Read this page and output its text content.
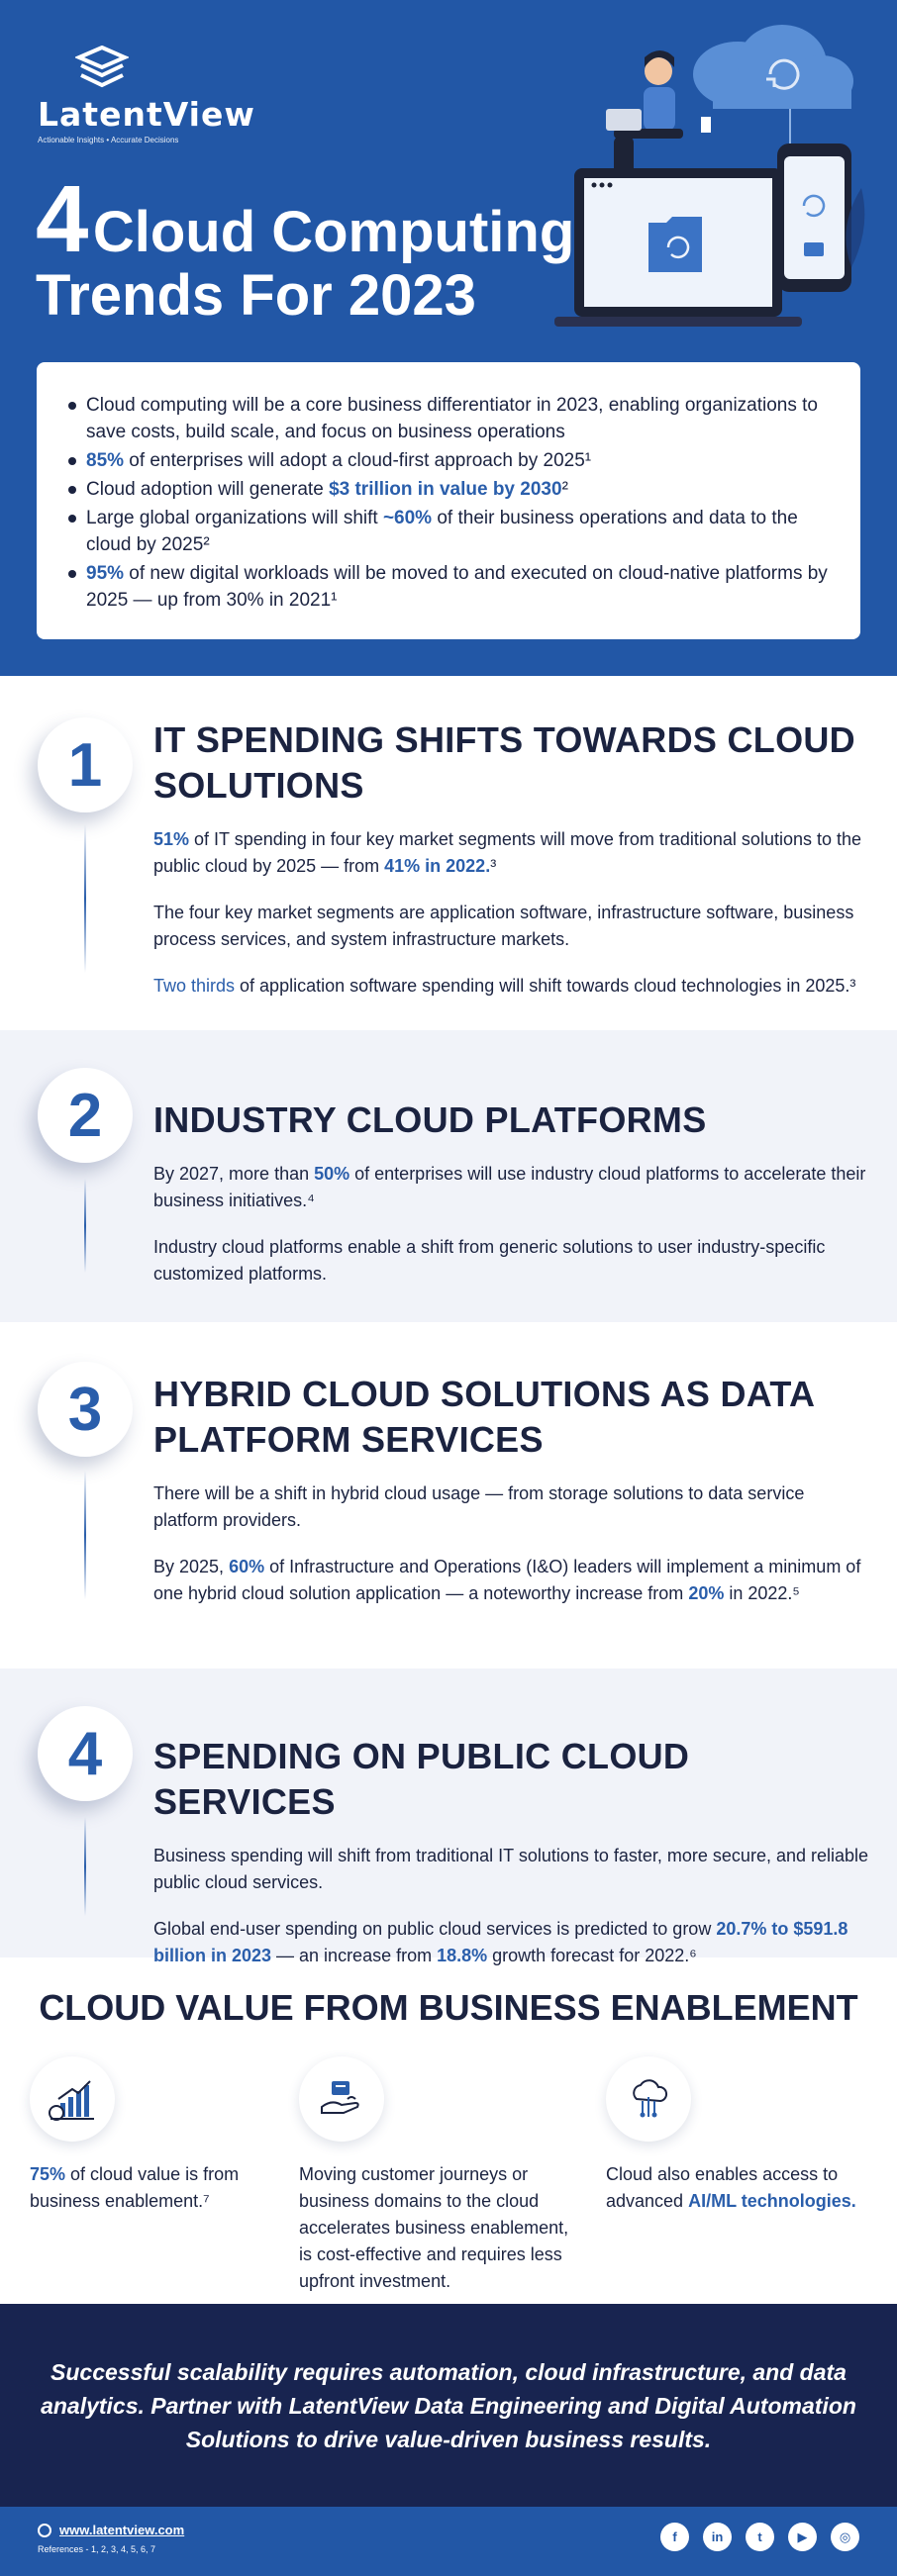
LatentView
Actionable Insights • Accurate Decisions
4 Cloud Computing
Trends For 2023
Cloud computing will be a core business differentiator in 2023, enabling organizations to save costs, build scale, and focus on business operations
85% of enterprises will adopt a cloud-first approach by 2025¹
Cloud adoption will generate $3 trillion in value by 2030²
Large global organizations will shift ~60% of their business operations and data to the cloud by 2025²
95% of new digital workloads will be moved to and executed on cloud-native platforms by 2025 — up from 30% in 2021¹
1 IT SPENDING SHIFTS TOWARDS CLOUD SOLUTIONS

51% of IT spending in four key market segments will move from traditional solutions to the public cloud by 2025 — from 41% in 2022.³

The four key market segments are application software, infrastructure software, business process services, and system infrastructure markets.

Two thirds of application software spending will shift towards cloud technologies in 2025.³

2 INDUSTRY CLOUD PLATFORMS

By 2027, more than 50% of enterprises will use industry cloud platforms to accelerate their business initiatives.⁴

Industry cloud platforms enable a shift from generic solutions to user industry-specific customized platforms.

3 HYBRID CLOUD SOLUTIONS AS DATA PLATFORM SERVICES

There will be a shift in hybrid cloud usage — from storage solutions to data service platform providers.

By 2025, 60% of Infrastructure and Operations (I&O) leaders will implement a minimum of one hybrid cloud solution application — a noteworthy increase from 20% in 2022.⁵

4 SPENDING ON PUBLIC CLOUD SERVICES

Business spending will shift from traditional IT solutions to faster, more secure, and reliable public cloud services.

Global end-user spending on public cloud services is predicted to grow 20.7% to $591.8 billion in 2023 — an increase from 18.8% growth forecast for 2022.⁶

CLOUD VALUE FROM BUSINESS ENABLEMENT

75% of cloud value is from business enablement.⁷

Moving customer journeys or business domains to the cloud accelerates business enablement, is cost-effective and requires less upfront investment.

Cloud also enables access to advanced AI/ML technologies.

Successful scalability requires automation, cloud infrastructure, and data analytics. Partner with LatentView Data Engineering and Digital Automation Solutions to drive value-driven business results.

www.latentview.com
References - 1, 2, 3, 4, 5, 6, 7
f	in	t	▶	◎
